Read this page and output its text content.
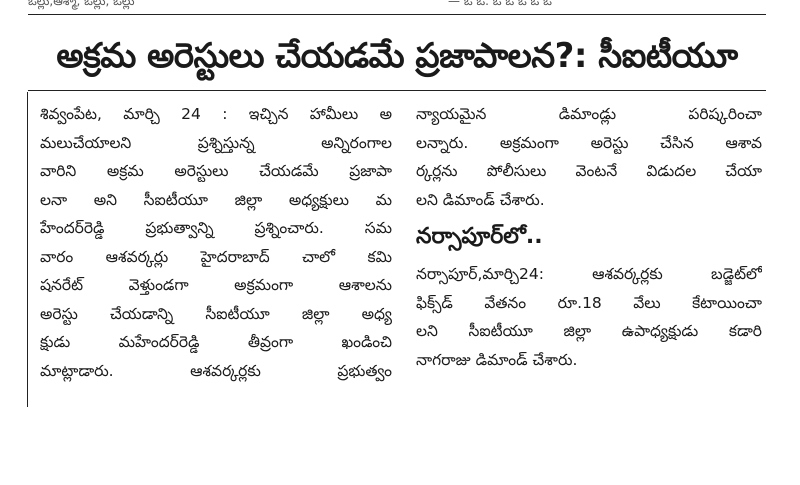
ఒల్లు,ఆశ్మా, ఒల్లు, ఒల్లు	— ఒ ఒ. ఒ ఒ ఒ ఒ ఒ
అక్రమ అరెస్టులు చేయడమే ప్రజాపాలన?: సీఐటీయూ
శివ్వంపేట, మార్చి 24 : ఇచ్చిన హామీలు అ
మలుచేయాలని ప్రశ్నిస్తున్న అన్నిరంగాల
వారిని అక్రమ అరెస్టులు చేయడమే ప్రజాపా
లనా అని సీఐటీయూ జిల్లా అధ్యక్షులు మ
హేందర్‌రెడ్డి ప్రభుత్వాన్ని ప్రశ్నించారు. సమ
వారం ఆశవర్కర్లు హైదరాబాద్ చాలో కమి
షనరేట్ వెళ్తుండగా అక్రమంగా ఆశాలను
అరెస్టు చేయడాన్ని సీఐటీయూ జిల్లా అధ్య
క్షుడు మహేందర్‌రెడ్డి తీవ్రంగా ఖండించి
మాట్లాడారు. ఆశవర్కర్లకు ప్రభుత్వం
న్యాయమైన డిమాండ్లు పరిష్కరించా
లన్నారు. అక్రమంగా అరెస్టు చేసిన ఆశావ
ర్కర్లను పోలీసులు వెంటనే విడుదల చేయా
లని డిమాండ్ చేశారు.
నర్సాపూర్‌లో..
నర్సాపూర్,మార్చి24: ఆశవర్కర్లకు బడ్జెట్‌లో
ఫిక్స్‌డ్ వేతనం రూ.18 వేలు కేటాయించా
లని సీఐటీయూ జిల్లా ఉపాధ్యక్షుడు కడారి
నాగరాజు డిమాండ్ చేశారు.
